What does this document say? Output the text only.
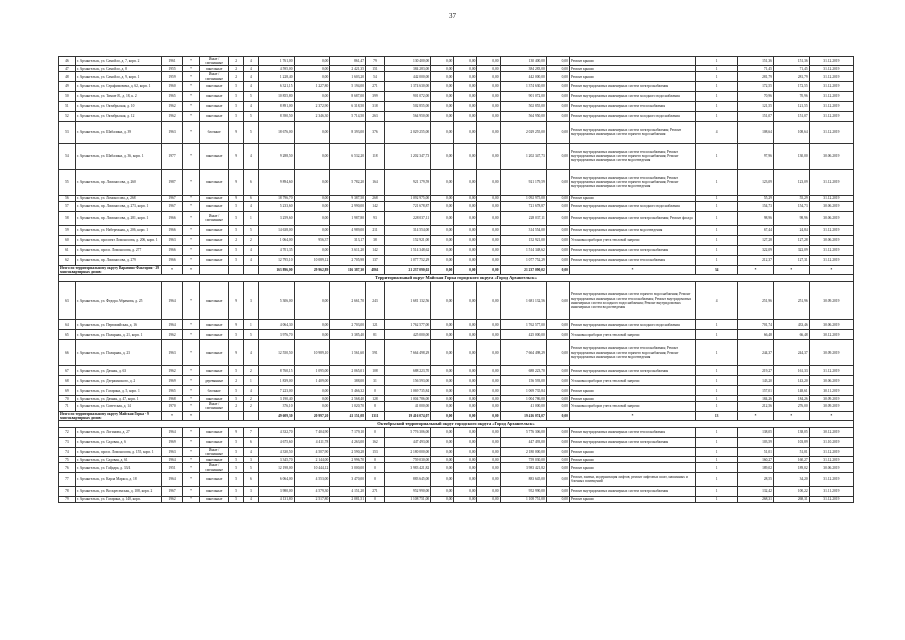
37
46	г. Архангельск, ул. Самойло, д. 7, корп. 2	1961	*	Иные / смешанные	2	4	1 761,00	0,00	861,47	79	130 400,00	0,00	0,00	0,00	130 400,00	0,00	Ремонт крыши	1	151,36	151,36	31.12.2019
47	г. Архангельск, ул. Самойло, д. 8	1955	*	панельные	2	4	4 595,00	0,00	2 421,35	151	384 283,00	0,00	0,00	0,00	384 283,00	0,00	Ремонт крыши	1	71,45	71,45	31.12.2019
48	г. Архангельск, ул. Самойло, д. 9, корп. 1	1959	*	Иные / смешанные	2	4	1 228,40	0,00	1 603,20	54	442 000,00	0,00	0,00	0,00	442 000,00	0,00	Ремонт крыши	1	281,79	281,79	31.12.2019
49	г. Архангельск, ул. Серафимовича, д. 62, корп. 1	1960	*	панельные	5	4	6 321,15	1 227,80	5 194,00	271	1 374 630,00	0,00	0,00	0,00	1 374 630,00	0,00	Ремонт внутридомовых инженерных систем электроснабжения	1	172,55	172,55	31.12.2019
50	г. Архангельск, ул. Тимме Я., д. 18, к. 2	1965	*	панельные	5	5	10 855,80	0,00	8 687,00	399	901 072,00	0,00	0,00	0,00	901 072,00	0,00	Ремонт внутридомовых инженерных систем холодного водоснабжения	1	70,96	70,96	31.12.2019
51	г. Архангельск, ул. Октябрьская, д. 10	1962	*	панельные	5	4	8 891,00	2 372,90	6 318,50	318	502 855,00	0,00	0,00	0,00	502 855,00	0,00	Ремонт внутридомовых инженерных систем теплоснабжения	1	121,55	121,55	31.12.2019
52	г. Архангельск, ул. Октябрьская, д. 12	1962	*	панельные	5	5	8 390,50	2 346,30	5 714,50	263	564 950,00	0,00	0,00	0,00	564 950,00	0,00	Ремонт внутридомовых инженерных систем холодного водоснабжения	1	151,07	151,07	31.12.2019
53	г. Архангельск, ул. Шабалина, д. 39	1963	*	блочные	9	5	18 676,00	0,00	8 393,00	376	2 029 255,00	0,00	0,00	0,00	2 029 255,00	0,00	Ремонт внутридомовых инженерных систем электроснабжения; Ремонт внутридомовых инженерных систем горячего водоснабжения	4	108,64	108,64	31.12.2019
54	г. Архангельск, ул. Шабалина, д. 36, корп. 1	1977	*	панельные	9	4	9 288,50	0,00	6 532,20	118	1 202 347,73	0,00	0,00	0,00	1 202 347,73	0,00	Ремонт внутридомовых инженерных систем теплоснабжения; Ремонт внутридомовых инженерных систем горячего водоснабжения; Ремонт внутридомовых инженерных систем водоотведения	1	97,96	130,00	30.06.2019
55	г. Архангельск, пр. Ломоносова, д. 260	1987	*	панельные	9	6	9 894,60	0,00	5 782,20	164	921 179,59	0,00	0,00	0,00	921 179,59	0,00	Ремонт внутридомовых инженерных систем теплоснабжения; Ремонт внутридомовых инженерных систем горячего водоснабжения; Ремонт внутридомовых инженерных систем водоотведения	1	123,09	123,09	31.12.2019
56	г. Архангельск, ул. Ломоносова, д. 268	1967	*	панельные	9	6	18 796,70	0,00	9 387,50	268	1 092 975,00	0,00	0,00	0,00	1 092 975,00	0,00	Ремонт крыши	1	55,29	55,29	31.12.2019
57	г. Архангельск, пр. Ломоносова, д. 273, корп. 1	1967	*	панельные	5	4	5 233,60	0,00	2 990,00	142	721 678,87	0,00	0,00	0,00	721 678,87	0,00	Ремонт внутридомовых инженерных систем холодного водоснабжения	1	154,73	154,73	30.06.2019
58	г. Архангельск, пр. Ломоносова, д. 281, корп. 1	1966	*	Иные / смешанные	5	1	3 259,60	0,00	1 987,80	93	228 037,11	0,00	0,00	0,00	228 037,11	0,00	Ремонт внутридомовых инженерных систем электроснабжения; Ремонт фасада	1	98,96	98,96	30.06.2019
59	г. Архангельск, ул. Набережная, д. 206, корп. 1	1966	*	панельные	5	5	14 638,00	0,00	4 989,00	211	314 554,00	0,00	0,00	0,00	314 554,00	0,00	Ремонт внутридомовых инженерных систем водоотведения	1	67,44	24,84	31.12.2019
60	г. Архангельск, проспект Ломоносова, д. 206, корп. 1	1963	*	панельные	2	2	1 064,00	956,37	313,17	38	152 921,00	0,00	0,00	0,00	152 921,00	0,00	Установка приборов учета тепловой энергии	1	127,28	127,28	30.06.2019
61	г. Архангельск, просп. Ломоносова, д. 277	1966	*	панельные	5	4	4 701,35	0,00	3 611,20	142	1 514 348,62	0,00	0,00	0,00	1 514 348,62	0,00	Ремонт внутридомовых инженерных систем электроснабжения	1	322,09	322,09	31.12.2019
62	г. Архангельск, пр. Ломоносова, д. 279	1966	*	панельные	5	4	12 795,10	10 089,12	2 705,98	137	1 077 752,29	0,00	0,00	0,00	1 077 752,29	0,00	Ремонт внутридомовых инженерных систем теплоснабжения	1	212,37	127,31	31.12.2019
Итого по территориальному округу Варавино-Фактория - 29 многоквартирных домов:		*	*				163 896,00	29 962,89	116 387,30	4861	21 237 090,02	0,00	0,00	0,00	21 237 090,02	0,00	*	34	*	*	*
Территориальный округ Майская Горка городского округа «Город Архангельск»																					
63	г. Архангельск, ул. Федора Абрамова, д. 25	1964	*	панельные	9	3	5 306,00	0,00	2 661,70	243	1 681 132,56	0,00	0,00	0,00	1 681 132,56	0,00	Ремонт внутридомовых инженерных систем горячего водоснабжения; Ремонт внутридомовых инженерных систем теплоснабжения; Ремонт внутридомовых инженерных систем холодного водоснабжения; Ремонт внутридомовых инженерных систем водоотведения	4	251,96	251,96	30.09.2019
64	г. Архангельск, ул. Первомайская, д. 16	1964	*	панельные	9	1	4 064,30	0,00	2 703,00	121	1 762 577,00	0,00	0,00	0,00	1 762 577,00	0,00	Ремонт внутридомовых инженерных систем холодного водоснабжения	1	701,74	433,46	30.06.2019
65	г. Архангельск, ул. Полярная, д. 21, корп. 1	1962	*	панельные	5	5	3 976,70	0,00	3 385,40	81	425 000,00	0,00	0,00	0,00	425 000,00	0,00	Установка приборов учета тепловой энергии	1	66,48	66,48	30.12.2019
66	г. Архангельск, ул. Полярная, д. 23	1963	*	панельные	9	4	12 550,50	10 989,10	1 561,60	591	7 664 498,29	0,00	0,00	0,00	7 664 498,29	0,00	Ремонт внутридомовых инженерных систем теплоснабжения; Ремонт внутридомовых инженерных систем горячего водоснабжения; Ремонт внутридомовых инженерных систем водоотведения	1	244,37	244,37	30.09.2019
67	г. Архангельск, ул. Дачная, д. 63	1962	*	панельные	5	2	8 760,15	1 095,00	2 065,01	108	688 223,70	0,00	0,00	0,00	688 223,70	0,00	Ремонт внутридомовых инженерных систем электроснабжения	1	219,27	161,33	31.12.2019
68	г. Архангельск, ул. Дзержинского, д. 2	1969	*	деревянные	2	1	1 839,00	1 409,00	388,00	31	156 593,00	0,00	0,00	0,00	156 593,00	0,00	Установка приборов учета тепловой энергии	1	143,20	143,20	30.06.2019
69	г. Архангельск, ул. Гагарина, д. 5, корп. 1	1965	*	блочные	5	4	7 223,00	0,00	5 466,32	0	1 069 735,84	0,00	0,00	0,00	1 069 735,84	0,00	Ремонт крыши	1	157,01	148,61	30.11.2019
70	г. Архангельск, ул. Дачная, д. 47, корп. 1	1968	*	панельные	5	2	3 190,40	0,00	2 568,40	128	1 004 786,00	0,00	0,00	0,00	1 004 786,00	0,00	Ремонт крыши	1	184,26	184,26	30.09.2019
71	г. Архангельск, ул. Советская, д. 14	1970	*	Иные / смешанные	2	2	376,10	0,00	1 020,70	8	41 000,00	0,00	0,00	0,00	41 000,00	0,00	Установка приборов учета тепловой энергии	1	212,56	276,00	30.09.2019
Итого по территориальному округу Майская Горка - 9 многоквартирных домов:		*	*				49 609,30	20 997,20	41 151,08	1311	19 416 074,07	0,00	0,00	0,00	19 416 074,07	0,00	*	13	*	*	*
Октябрьский территориальный округ городского округа «Город Архангельск»																					
72	г. Архангельск, ул. Логинова, д. 27	1964	*	панельные	9	7	4 332,70	7 404,90	7 179,10	0	5 776 306,00	0,00	0,00	0,00	5 776 306,00	0,00	Ремонт внутридомовых инженерных систем теплоснабжения	1	138,05	138,05	30.12.2019
73	г. Архангельск, ул. Садовая, д. 6	1969	*	панельные	5	6	4 675,60	4 411,78	4 263,00	162	447 493,00	0,00	0,00	0,00	447 493,00	0,00	Ремонт внутридомовых инженерных систем электроснабжения	1	103,59	103,89	31.10.2019
74	г. Архангельск, просп. Ломоносова, д. 155, корп. 1	1963	*	Иные / смешанные	5	4	4 330,50	4 507,90	2 590,28	153	2 180 000,00	0,00	0,00	0,00	2 180 000,00	0,00	Ремонт крыши	1	51,01	51,01	31.12.2019
75	г. Архангельск, ул. Садовая, д. 61	1964	*	панельные	5	3	3 345,70	2 144,00	2 996,70	0	759 030,00	0,00	0,00	0,00	759 030,00	0,00	Ремонт крыши	1	160,27	160,27	31.12.2019
76	г. Архангельск, ул. Гайдара, д. 33/4	1951	*	Иные / смешанные	5	5	12 198,00	10 444,12	3 000,00	0	3 983 421,82	0,00	0,00	0,00	3 983 421,82	0,00	Ремонт крыши	1	189,02	189,02	30.06.2019
77	г. Архангельск, ул. Карла Маркса, д. 18	1964	*	панельные	5	6	6 064,00	4 553,00	3 470,00	0	883 645,00	0,00	0,00	0,00	883 645,00	0,00	Ремонт, замена, модернизация лифтов; ремонт лифтовых шахт, машинных и блочных помещений	1	28,55	34,20	31.12.2019
78	г. Архангельск, ул. Воскресенская, д. 108, корп. 2	1967	*	панельные	5	3	3 980,00	4 579,30	4 151,20	271	952 990,00	0,00	0,00	0,00	952 990,00	0,00	Ремонт внутридомовых инженерных систем электроснабжения	1	132,42	100,22	31.11.2019
79	г. Архангельск, ул. Гагарина, д. 140, корп.	1962	*	панельные	5	4	4 131,80	2 517,80	2 081,51	0	1 108 751,00	0,00	0,00	0,00	1 108 751,00	0,00	Ремонт крыши	1	268,31	268,31	31.12.2019
